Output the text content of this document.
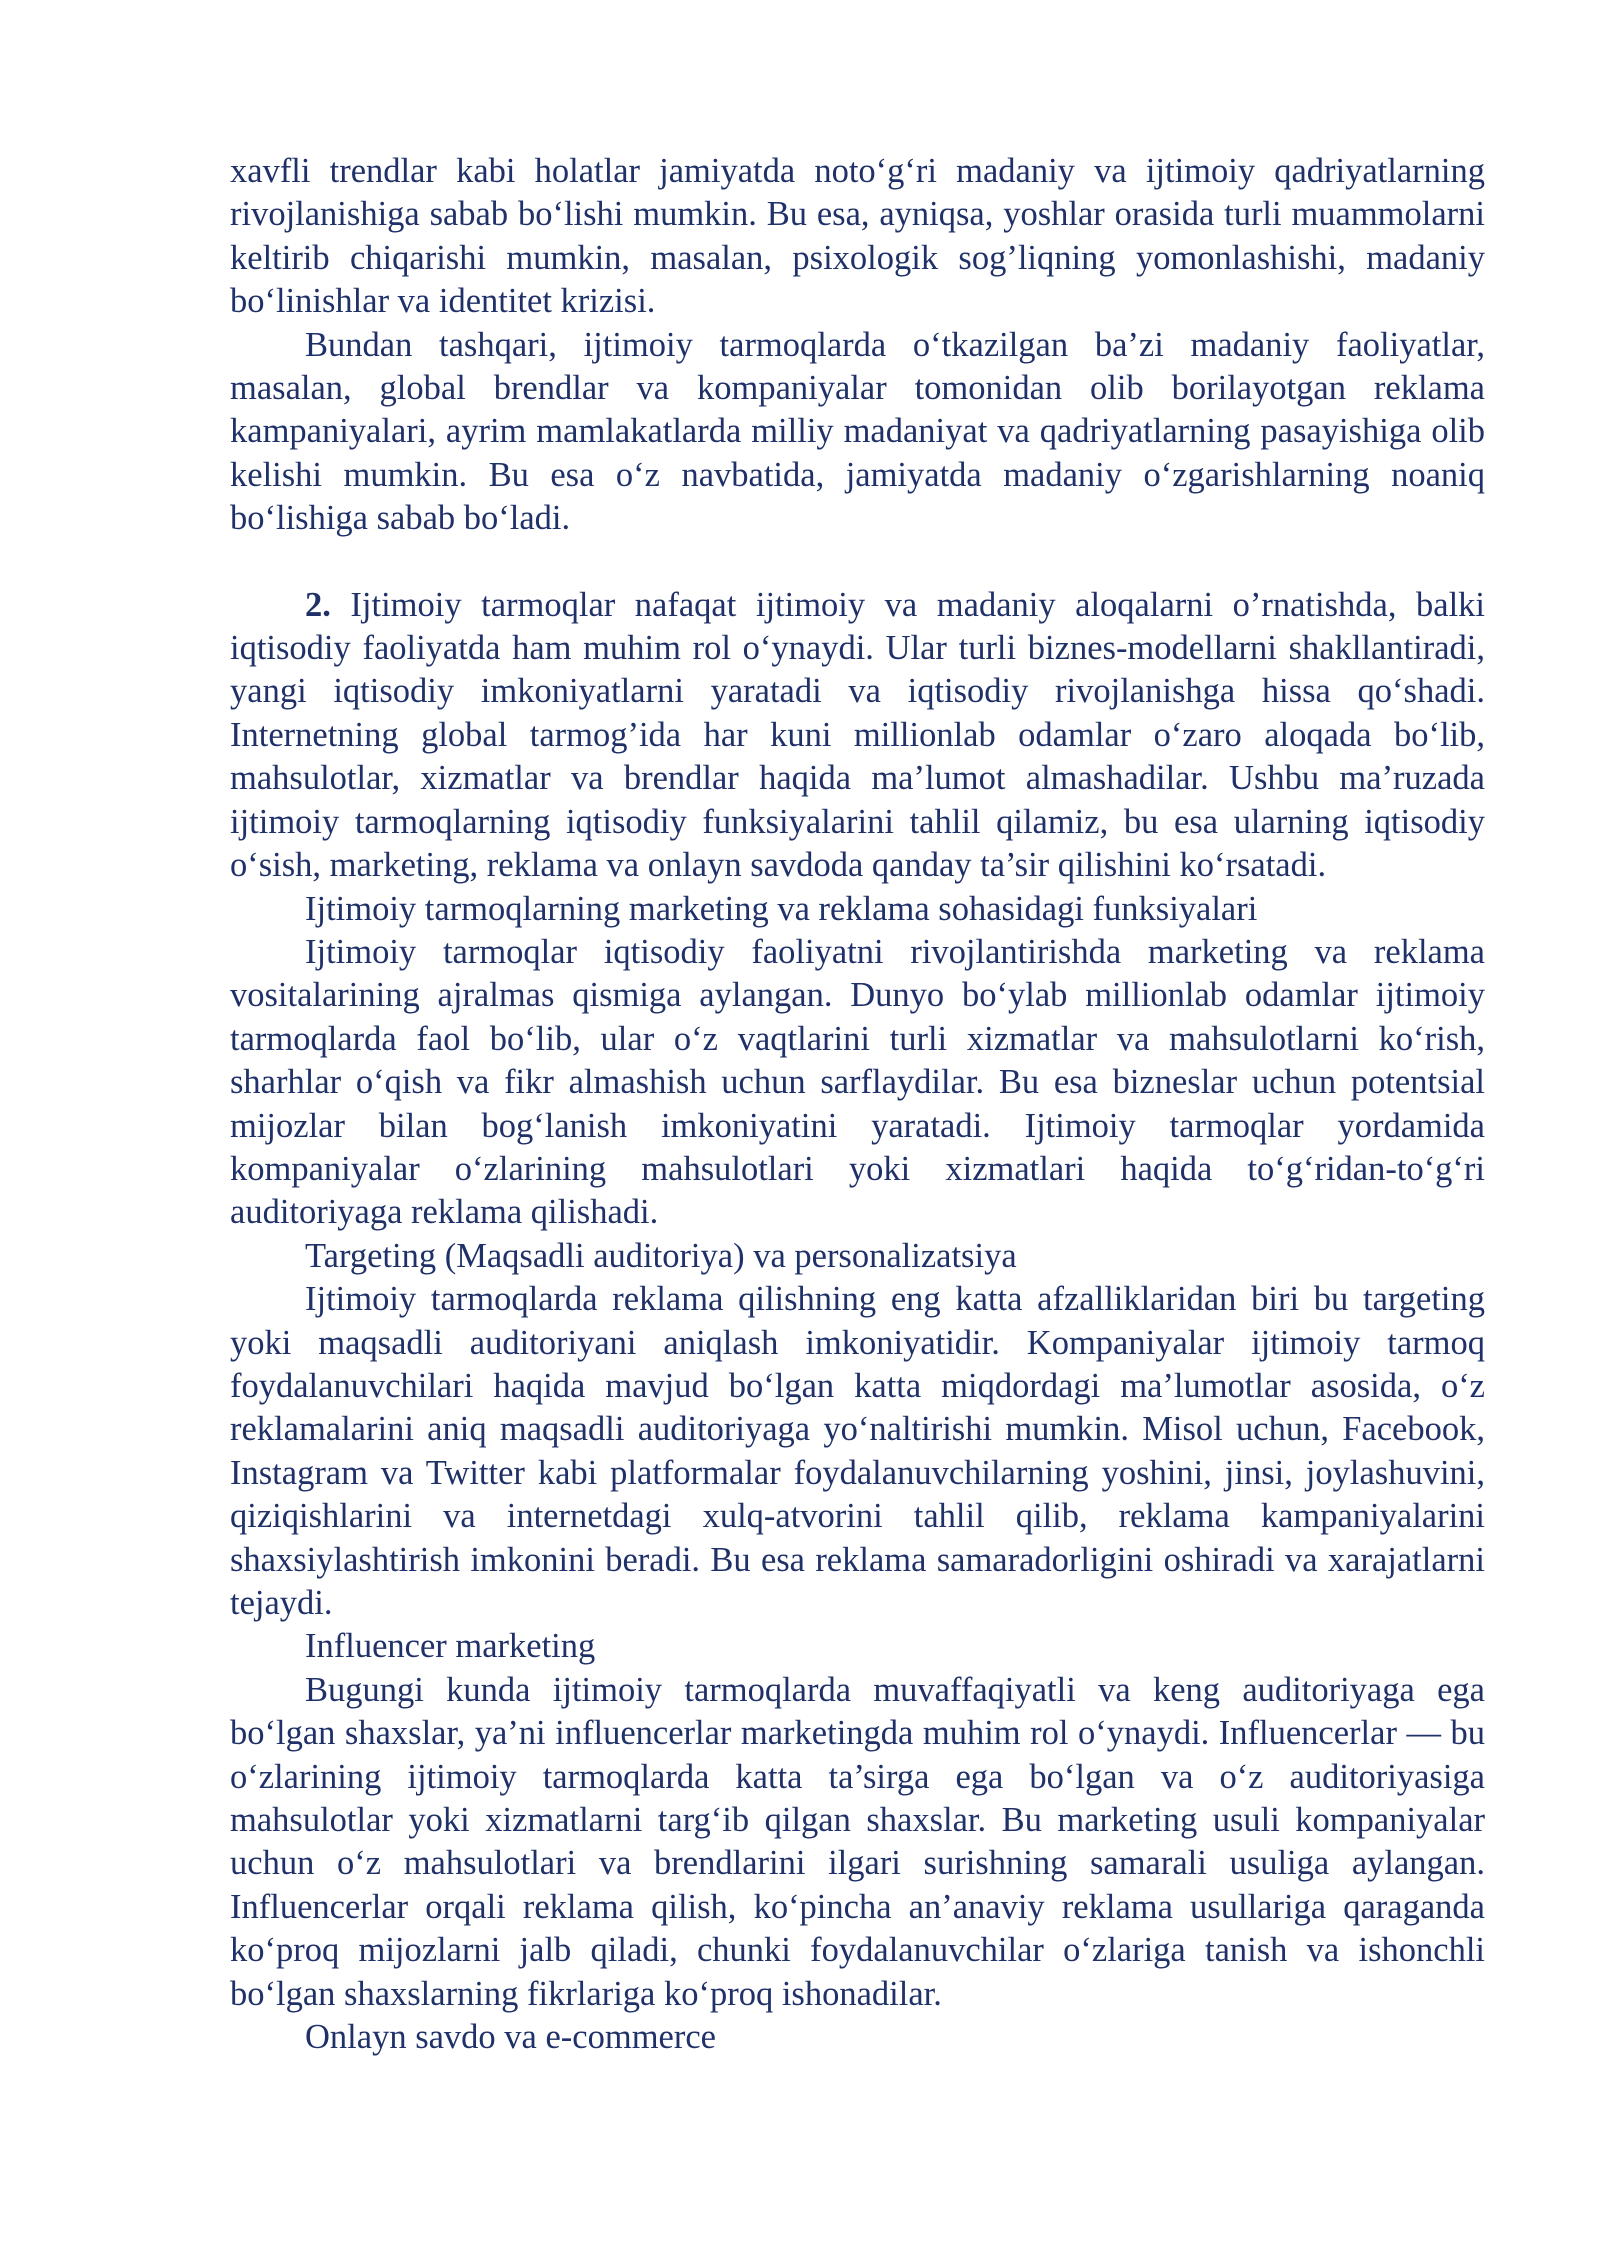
xavfli trendlar kabi holatlar jamiyatda noto‘g‘ri madaniy va ijtimoiy qadriyatlarning rivojlanishiga sabab bo‘lishi mumkin. Bu esa, ayniqsa, yoshlar orasida turli muammolarni keltirib chiqarishi mumkin, masalan, psixologik sog’liqning yomonlashishi, madaniy bo‘linishlar va identitet krizisi.

Bundan tashqari, ijtimoiy tarmoqlarda o‘tkazilgan ba’zi madaniy faoliyatlar, masalan, global brendlar va kompaniyalar tomonidan olib borilayotgan reklama kampaniyalari, ayrim mamlakatlarda milliy madaniyat va qadriyatlarning pasayishiga olib kelishi mumkin. Bu esa o‘z navbatida, jamiyatda madaniy o‘zgarishlarning noaniq bo‘lishiga sabab bo‘ladi.

2. Ijtimoiy tarmoqlar nafaqat ijtimoiy va madaniy aloqalarni o’rnatishda, balki iqtisodiy faoliyatda ham muhim rol o‘ynaydi. Ular turli biznes-modellarni shakllantiradi, yangi iqtisodiy imkoniyatlarni yaratadi va iqtisodiy rivojlanishga hissa qo‘shadi. Internetning global tarmog’ida har kuni millionlab odamlar o‘zaro aloqada bo‘lib, mahsulotlar, xizmatlar va brendlar haqida ma’lumot almashadilar. Ushbu ma’ruzada ijtimoiy tarmoqlarning iqtisodiy funksiyalarini tahlil qilamiz, bu esa ularning iqtisodiy o‘sish, marketing, reklama va onlayn savdoda qanday ta’sir qilishini ko‘rsatadi.

Ijtimoiy tarmoqlarning marketing va reklama sohasidagi funksiyalari

Ijtimoiy tarmoqlar iqtisodiy faoliyatni rivojlantirishda marketing va reklama vositalarining ajralmas qismiga aylangan. Dunyo bo‘ylab millionlab odamlar ijtimoiy tarmoqlarda faol bo‘lib, ular o‘z vaqtlarini turli xizmatlar va mahsulotlarni ko‘rish, sharhlar o‘qish va fikr almashish uchun sarflaydilar. Bu esa bizneslar uchun potentsial mijozlar bilan bog‘lanish imkoniyatini yaratadi. Ijtimoiy tarmoqlar yordamida kompaniyalar o‘zlarining mahsulotlari yoki xizmatlari haqida to‘g‘ridan-to‘g‘ri auditoriyaga reklama qilishadi.

Targeting (Maqsadli auditoriya) va personalizatsiya

Ijtimoiy tarmoqlarda reklama qilishning eng katta afzalliklaridan biri bu targeting yoki maqsadli auditoriyani aniqlash imkoniyatidir. Kompaniyalar ijtimoiy tarmoq foydalanuvchilari haqida mavjud bo‘lgan katta miqdordagi ma’lumotlar asosida, o‘z reklamalarini aniq maqsadli auditoriyaga yo‘naltirishi mumkin. Misol uchun, Facebook, Instagram va Twitter kabi platformalar foydalanuvchilarning yoshini, jinsi, joylashuvini, qiziqishlarini va internetdagi xulq-atvorini tahlil qilib, reklama kampaniyalarini shaxsiylashtirish imkonini beradi. Bu esa reklama samaradorligini oshiradi va xarajatlarni tejaydi.

Influencer marketing

Bugungi kunda ijtimoiy tarmoqlarda muvaffaqiyatli va keng auditoriyaga ega bo‘lgan shaxslar, ya’ni influencerlar marketingda muhim rol o‘ynaydi. Influencerlar — bu o‘zlarining ijtimoiy tarmoqlarda katta ta’sirga ega bo‘lgan va o‘z auditoriyasiga mahsulotlar yoki xizmatlarni targ‘ib qilgan shaxslar. Bu marketing usuli kompaniyalar uchun o‘z mahsulotlari va brendlarini ilgari surishning samarali usuliga aylangan. Influencerlar orqali reklama qilish, ko‘pincha an’anaviy reklama usullariga qaraganda ko‘proq mijozlarni jalb qiladi, chunki foydalanuvchilar o‘zlariga tanish va ishonchli bo‘lgan shaxslarning fikrlariga ko‘proq ishonadilar.

Onlayn savdo va e-commerce
